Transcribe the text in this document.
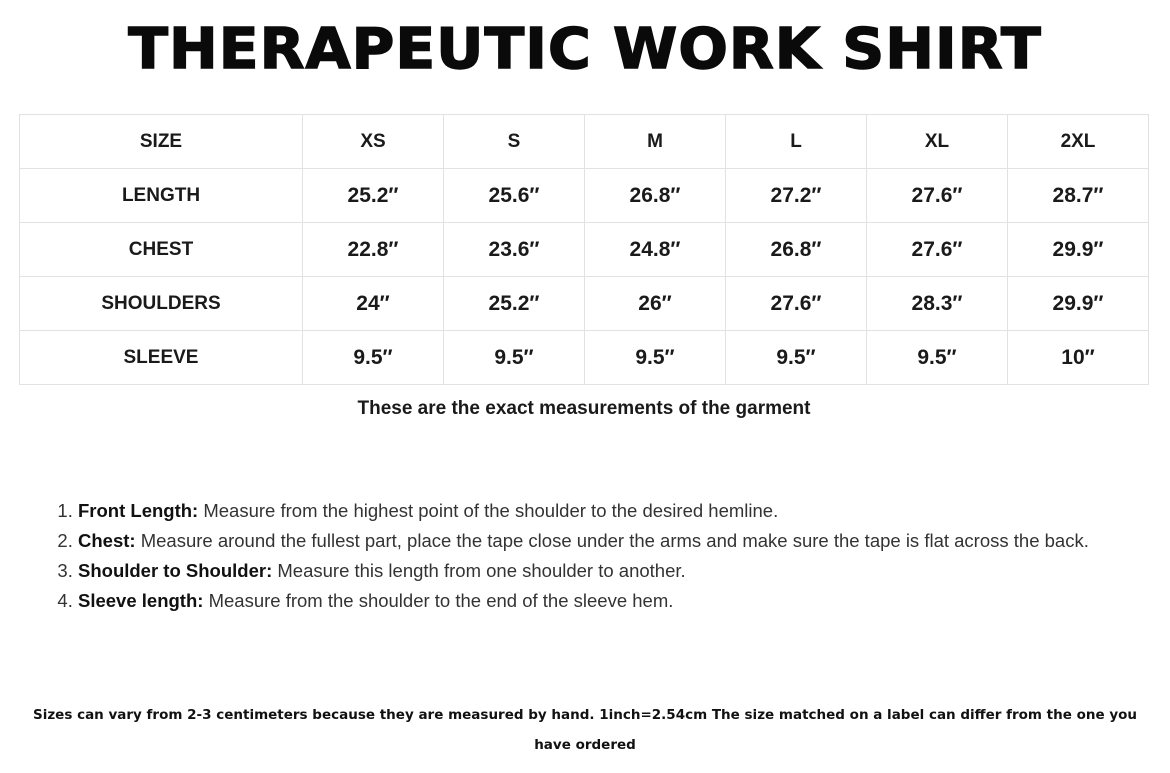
THERAPEUTIC WORK SHIRT
SIZE	XS	S	M	L	XL	2XL
LENGTH	25.2″	25.6″	26.8″	27.2″	27.6″	28.7″
CHEST	22.8″	23.6″	24.8″	26.8″	27.6″	29.9″
SHOULDERS	24″	25.2″	26″	27.6″	28.3″	29.9″
SLEEVE	9.5″	9.5″	9.5″	9.5″	9.5″	10″
These are the exact measurements of the garment
1. Front Length: Measure from the highest point of the shoulder to the desired hemline.
2. Chest: Measure around the fullest part, place the tape close under the arms and make sure the tape is flat across the back.
3. Shoulder to Shoulder: Measure this length from one shoulder to another.
4. Sleeve length: Measure from the shoulder to the end of the sleeve hem.
Sizes can vary from 2-3 centimeters because they are measured by hand. 1inch=2.54cm The size matched on a label can differ from the one you have ordered
